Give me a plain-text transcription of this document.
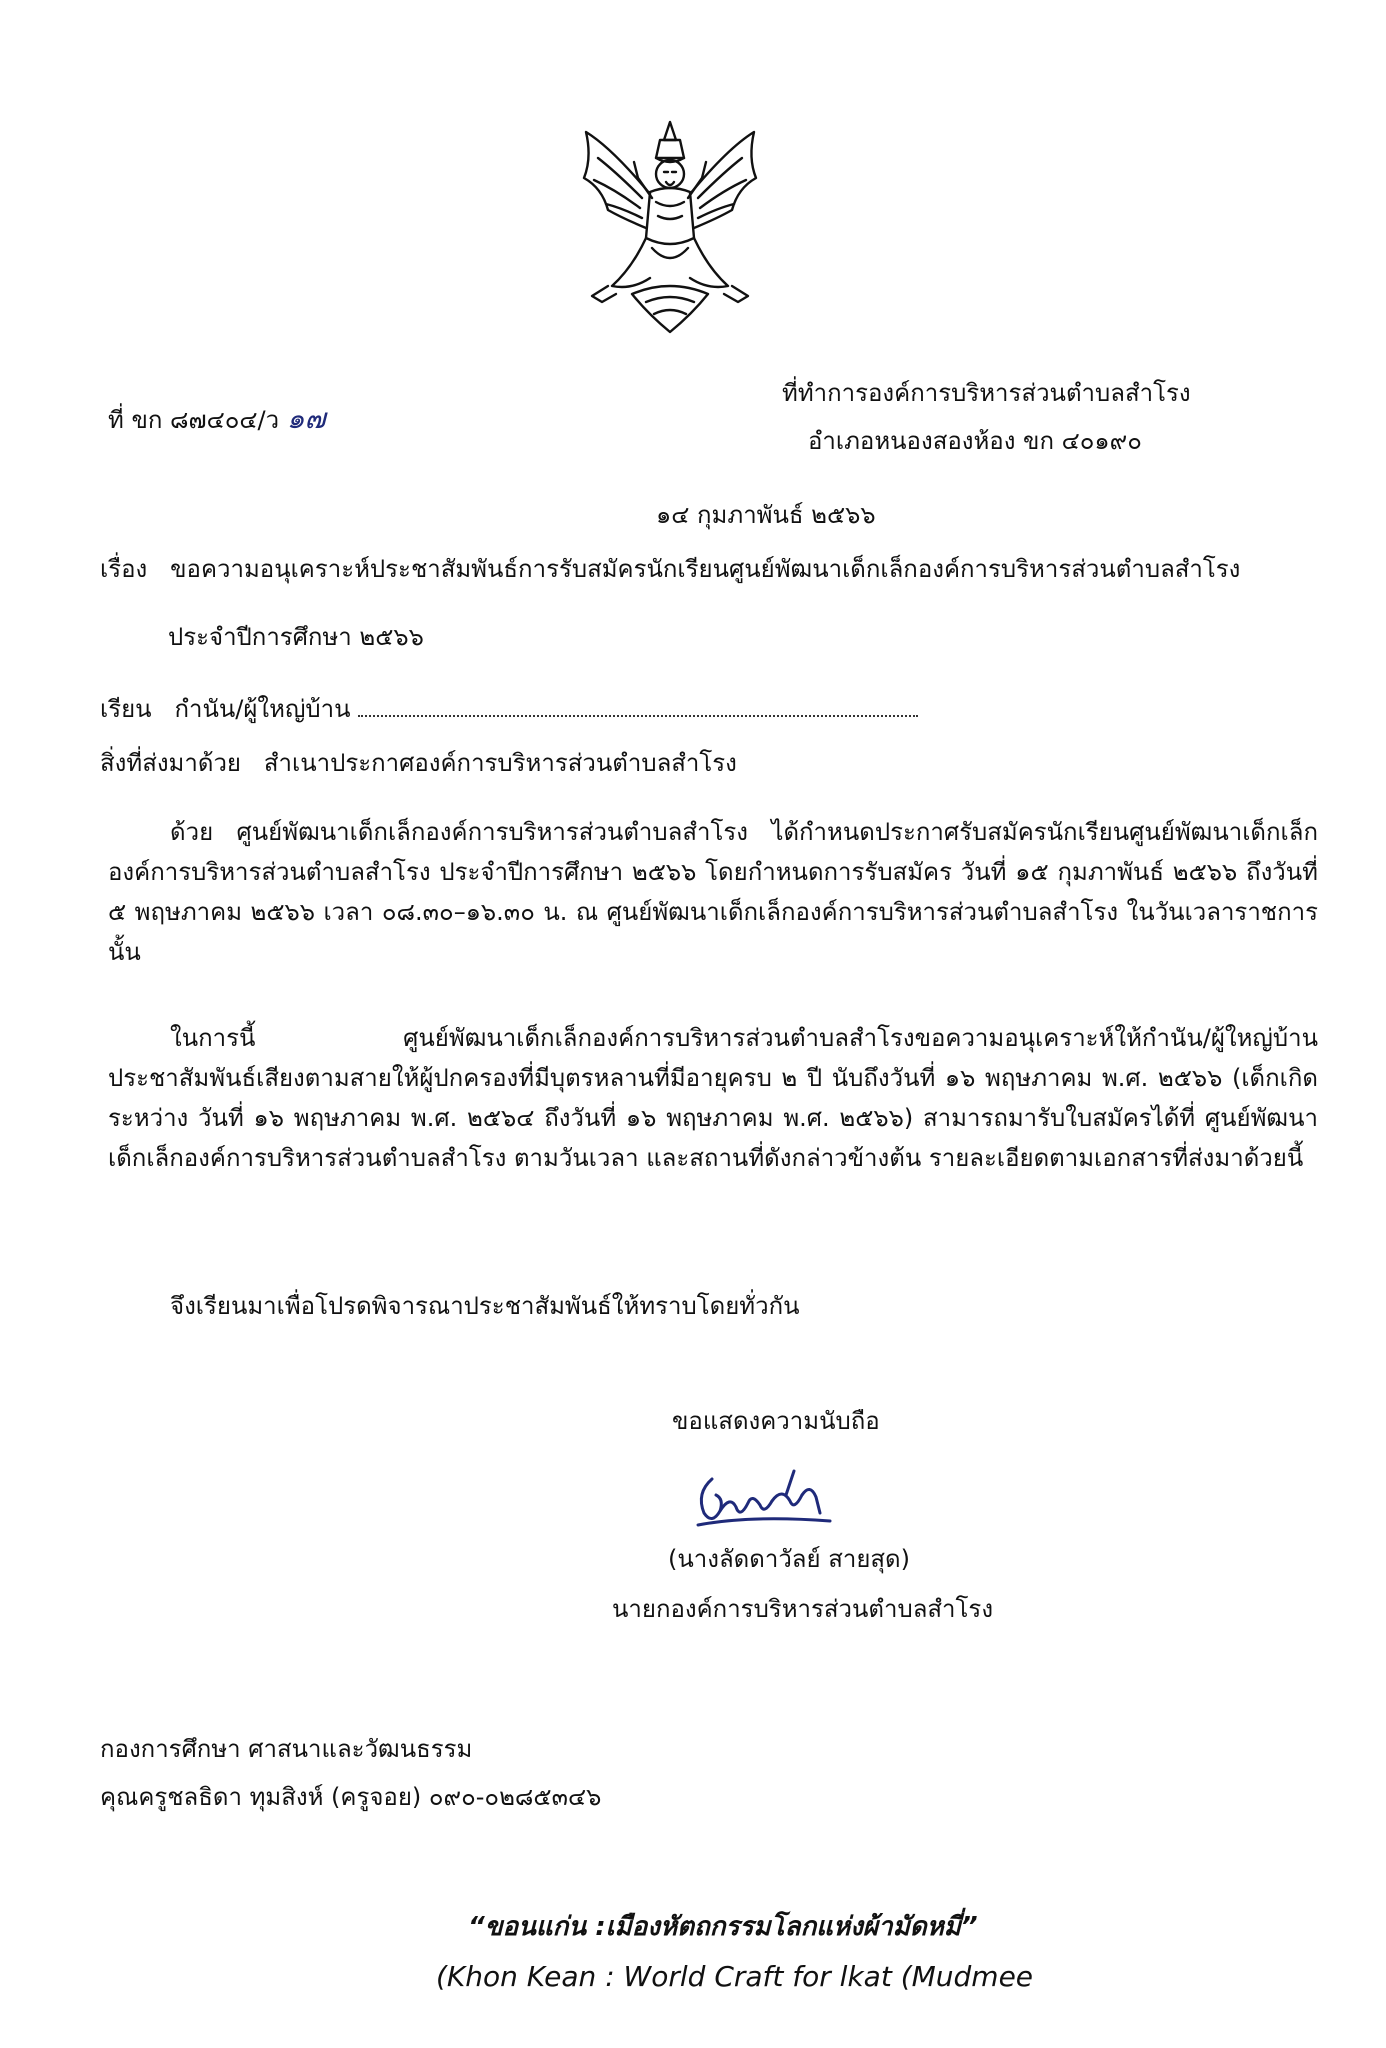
ที่ ขก ๘๗๔๐๔/ว ๑๗
ที่ทำการองค์การบริหารส่วนตำบลสำโรง
อำเภอหนองสองห้อง ขก ๔๐๑๙๐
๑๔ กุมภาพันธ์ ๒๕๖๖
เรื่อง ขอความอนุเคราะห์ประชาสัมพันธ์การรับสมัครนักเรียนศูนย์พัฒนาเด็กเล็กองค์การบริหารส่วนตำบลสำโรง
ประจำปีการศึกษา ๒๕๖๖
เรียน กำนัน/ผู้ใหญ่บ้าน
สิ่งที่ส่งมาด้วย สำเนาประกาศองค์การบริหารส่วนตำบลสำโรง
ด้วย ศูนย์พัฒนาเด็กเล็กองค์การบริหารส่วนตำบลสำโรง ได้กำหนดประกาศรับสมัครนักเรียนศูนย์พัฒนาเด็กเล็กองค์การบริหารส่วนตำบลสำโรง ประจำปีการศึกษา ๒๕๖๖ โดยกำหนดการรับสมัคร วันที่ ๑๕ กุมภาพันธ์ ๒๕๖๖ ถึงวันที่ ๕ พฤษภาคม ๒๕๖๖ เวลา ๐๘.๓๐–๑๖.๓๐ น. ณ ศูนย์พัฒนาเด็กเล็กองค์การบริหารส่วนตำบลสำโรง ในวันเวลาราชการ นั้น
ในการนี้ ศูนย์พัฒนาเด็กเล็กองค์การบริหารส่วนตำบลสำโรงขอความอนุเคราะห์ให้กำนัน/ผู้ใหญ่บ้านประชาสัมพันธ์เสียงตามสายให้ผู้ปกครองที่มีบุตรหลานที่มีอายุครบ ๒ ปี นับถึงวันที่ ๑๖ พฤษภาคม พ.ศ. ๒๕๖๖ (เด็กเกิดระหว่าง วันที่ ๑๖ พฤษภาคม พ.ศ. ๒๕๖๔ ถึงวันที่ ๑๖ พฤษภาคม พ.ศ. ๒๕๖๖) สามารถมารับใบสมัครได้ที่ ศูนย์พัฒนาเด็กเล็กองค์การบริหารส่วนตำบลสำโรง ตามวันเวลา และสถานที่ดังกล่าวข้างต้น รายละเอียดตามเอกสารที่ส่งมาด้วยนี้
จึงเรียนมาเพื่อโปรดพิจารณาประชาสัมพันธ์ให้ทราบโดยทั่วกัน
ขอแสดงความนับถือ
(นางลัดดาวัลย์ สายสุด)
นายกองค์การบริหารส่วนตำบลสำโรง
กองการศึกษา ศาสนาและวัฒนธรรม
คุณครูชลธิดา ทุมสิงห์ (ครูจอย) ๐๙๐-๐๒๘๕๓๔๖
“ขอนแก่น :เมืองหัตถกรรมโลกแห่งผ้ามัดหมี่”
(Khon Kean : World Craft for lkat (Mudmee
